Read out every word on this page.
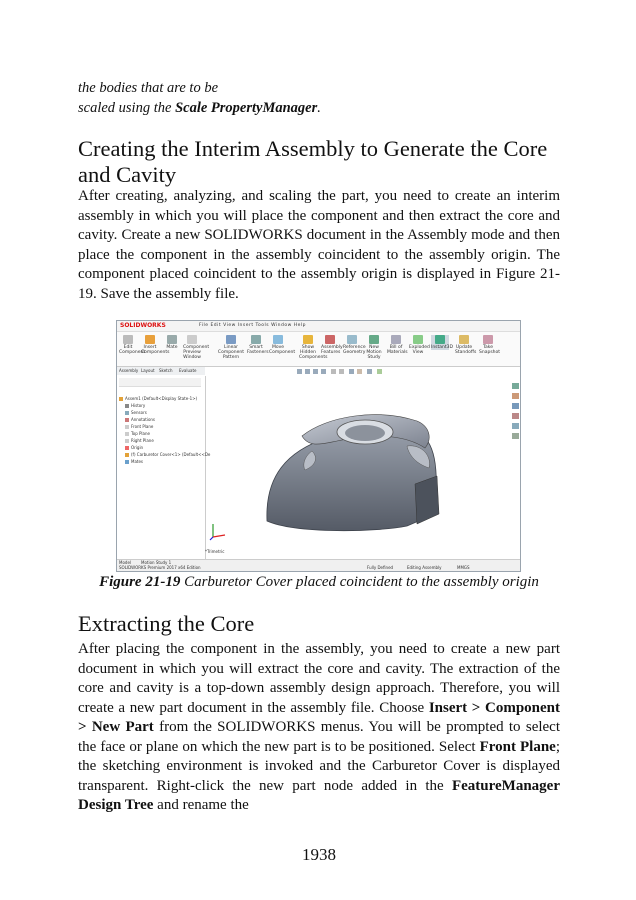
the bodies that are to be
scaled using the Scale PropertyManager.
Creating the Interim Assembly to Generate the Core and Cavity

After creating, analyzing, and scaling the part, you need to create an interim assembly in which you will place the component and then extract the core and cavity. Create a new SOLIDWORKS document in the Assembly mode and then place the component in the assembly coincident to the assembly origin. The component placed coincident to the assembly origin is displayed in Figure 21-19. Save the assembly file.

SOLIDWORKS	File Edit View Insert Tools Window Help
Edit Component
Insert Components
Mate	Component Preview Window
Linear Component Pattern
Smart Fasteners
Move Component
Show Hidden Components
Assembly Features
Reference Geometry
New Motion Study
Bill of Materials
Exploded View
Instant3D Update Standoffs
Take Snapshot
Assembly Layout Sketch Evaluate
Assem1 (Default<Display State-1>)
History
Sensors
Annotations
Front Plane
Top Plane
Right Plane
Origin
(f) Carburetor Cover<1> (Default<<De
Mates
*Trimetric
Model Motion Study 1
SOLIDWORKS Premium 2017 x64 Edition	Fully Defined	Editing Assembly	MMGS
Figure 21-19 Carburetor Cover placed coincident to the assembly origin
Extracting the Core

After placing the component in the assembly, you need to create a new part document in which you will extract the core and cavity. The extraction of the core and cavity is a top-down assembly design approach. Therefore, you will create a new part document in the assembly file. Choose Insert > Component > New Part from the SOLIDWORKS menus. You will be prompted to select the face or plane on which the new part is to be positioned. Select Front Plane; the sketching environment is invoked and the Carburetor Cover is displayed transparent. Right-click the new part node added in the FeatureManager Design Tree and rename the

1938
